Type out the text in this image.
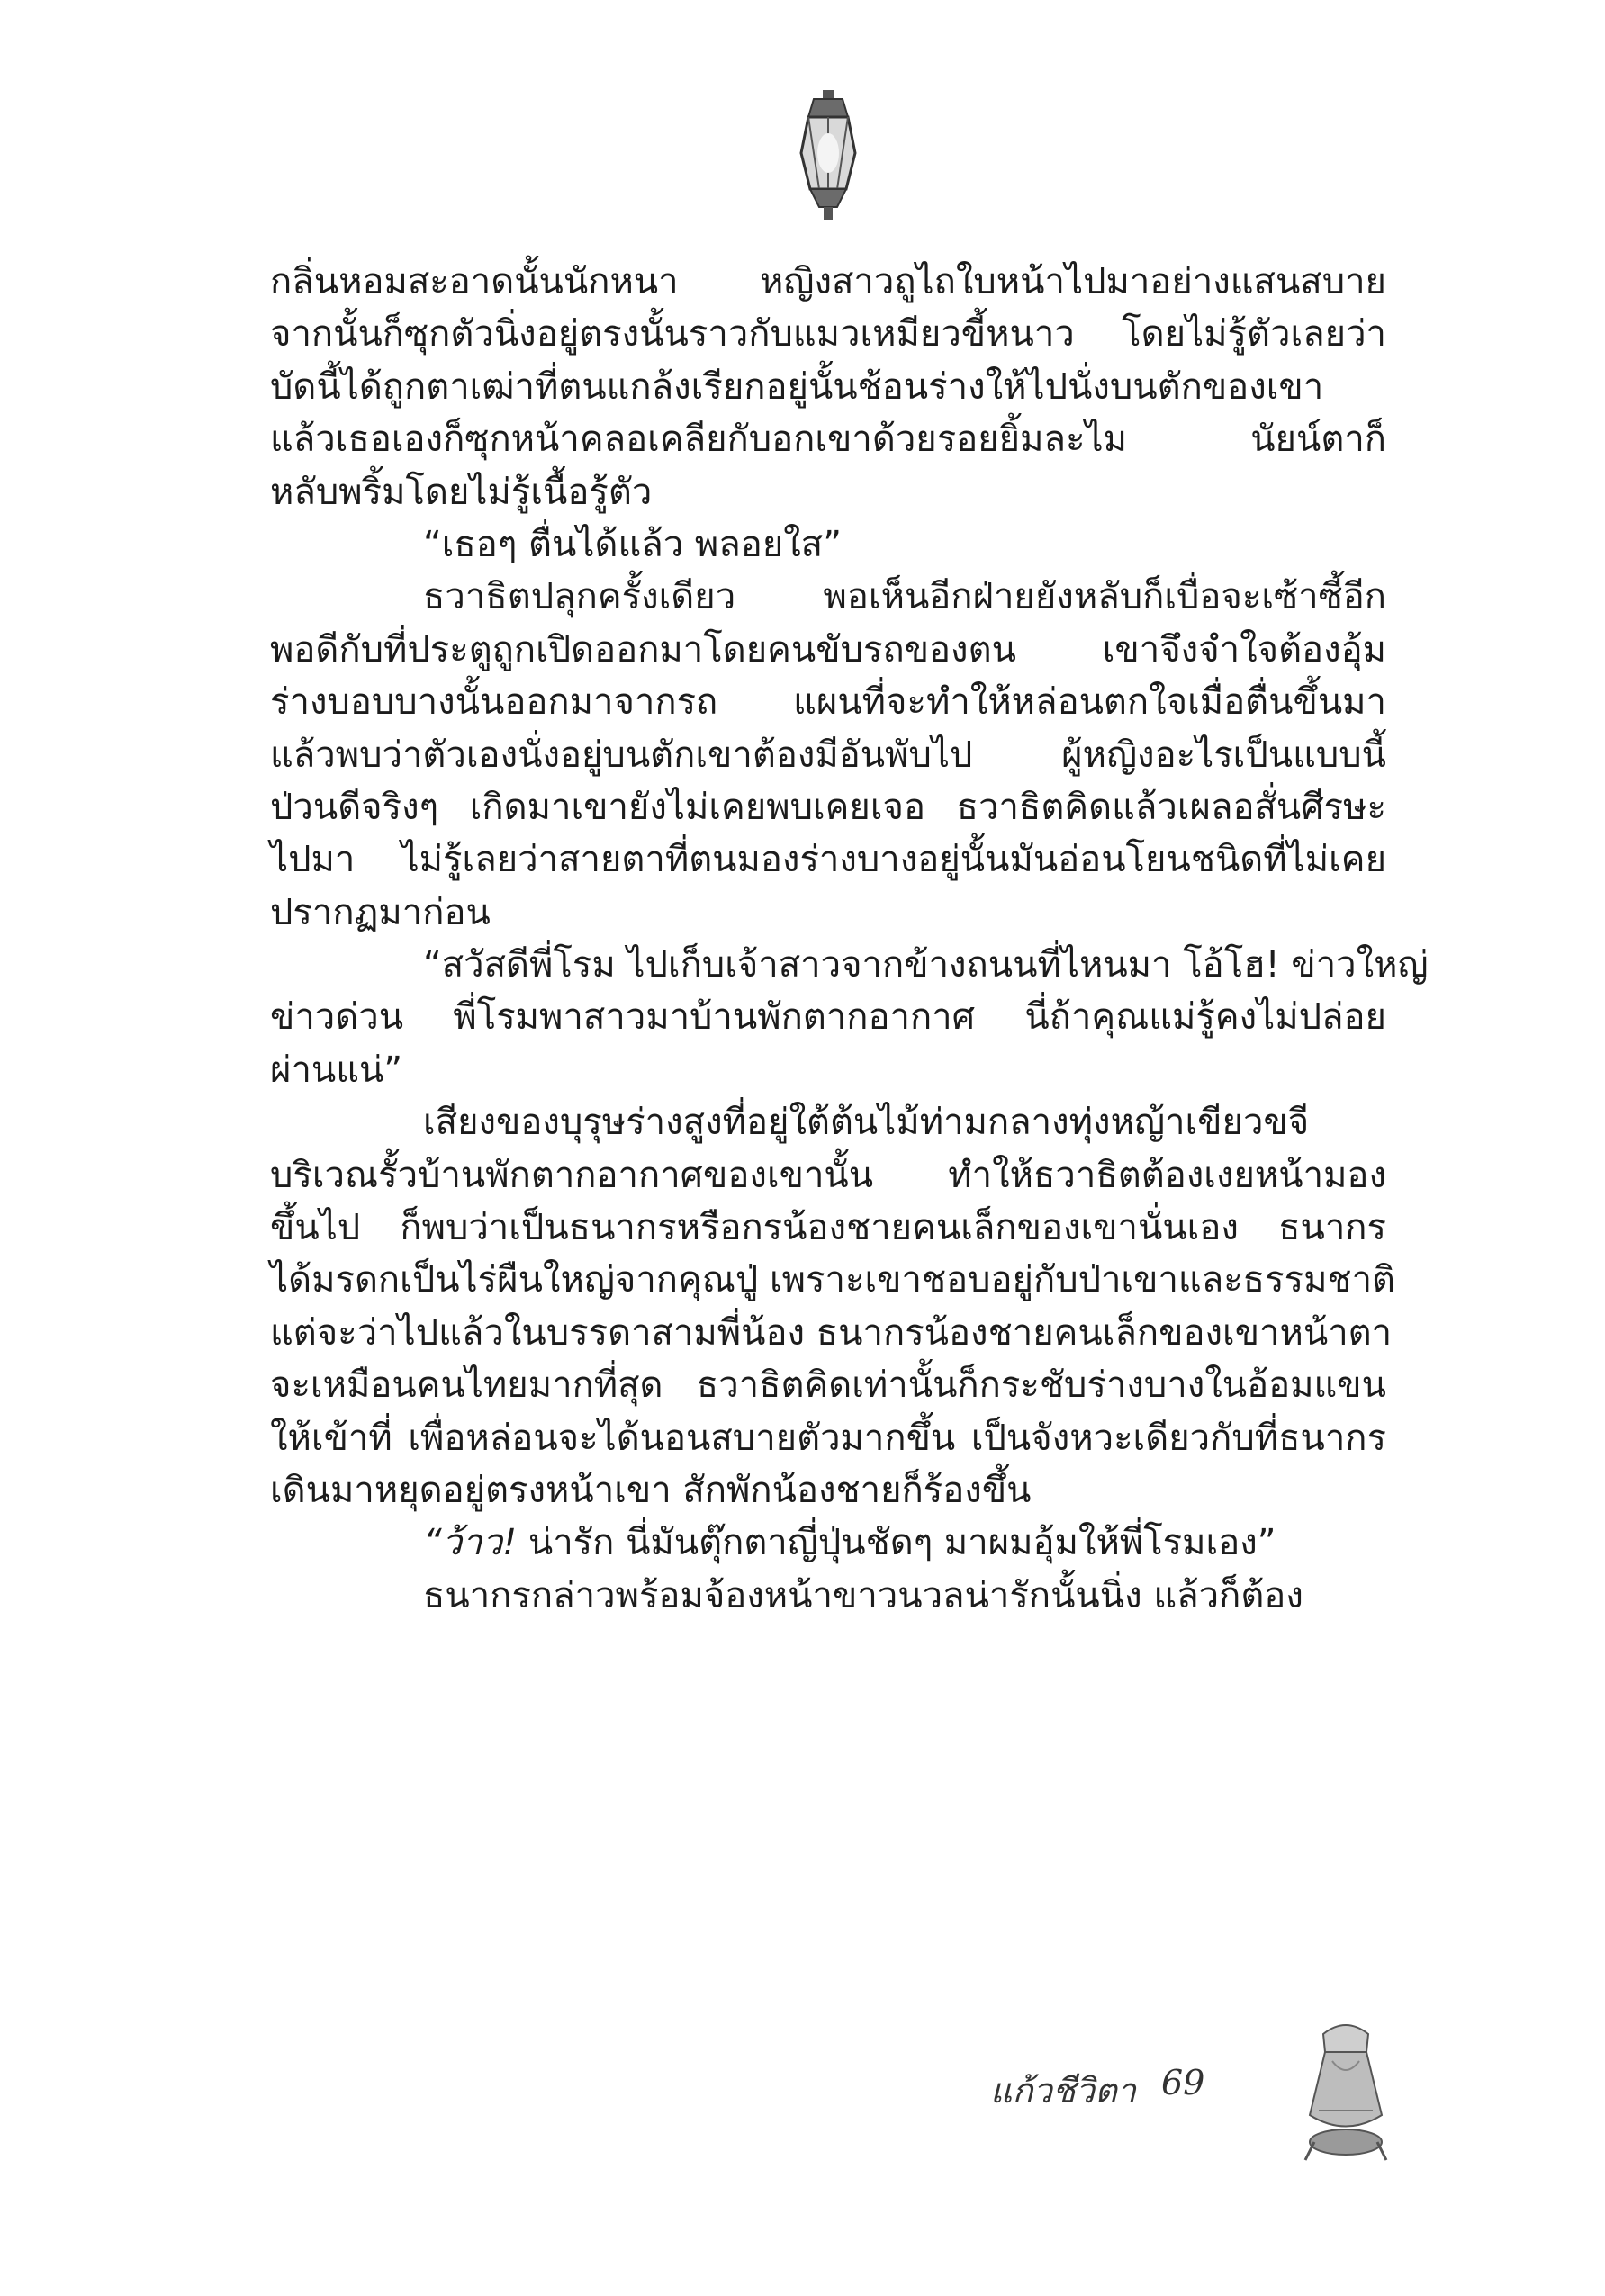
กลิ่นหอมสะอาดนั้นนักหนา หญิงสาวถูไถใบหน้าไปมาอย่างแสนสบาย
จากนั้นก็ซุกตัวนิ่งอยู่ตรงนั้นราวกับแมวเหมียวขี้หนาว โดยไม่รู้ตัวเลยว่า
บัดนี้ได้ถูกตาเฒ่าที่ตนแกล้งเรียกอยู่นั้นช้อนร่างให้ไปนั่งบนตักของเขา
แล้วเธอเองก็ซุกหน้าคลอเคลียกับอกเขาด้วยรอยยิ้มละไม นัยน์ตาก็
หลับพริ้มโดยไม่รู้เนื้อรู้ตัว
“เธอๆ ตื่นได้แล้ว พลอยใส”
ธวาธิตปลุกครั้งเดียว พอเห็นอีกฝ่ายยังหลับก็เบื่อจะเซ้าซี้อีก
พอดีกับที่ประตูถูกเปิดออกมาโดยคนขับรถของตน เขาจึงจำใจต้องอุ้ม
ร่างบอบบางนั้นออกมาจากรถ แผนที่จะทำให้หล่อนตกใจเมื่อตื่นขึ้นมา
แล้วพบว่าตัวเองนั่งอยู่บนตักเขาต้องมีอันพับไป ผู้หญิงอะไรเป็นแบบนี้
ป่วนดีจริงๆ เกิดมาเขายังไม่เคยพบเคยเจอ ธวาธิตคิดแล้วเผลอสั่นศีรษะ
ไปมา ไม่รู้เลยว่าสายตาที่ตนมองร่างบางอยู่นั้นมันอ่อนโยนชนิดที่ไม่เคย
ปรากฏมาก่อน
“สวัสดีพี่โรม ไปเก็บเจ้าสาวจากข้างถนนที่ไหนมา โอ้โฮ! ข่าวใหญ่
ข่าวด่วน พี่โรมพาสาวมาบ้านพักตากอากาศ นี่ถ้าคุณแม่รู้คงไม่ปล่อย
ผ่านแน่”
เสียงของบุรุษร่างสูงที่อยู่ใต้ต้นไม้ท่ามกลางทุ่งหญ้าเขียวขจี
บริเวณรั้วบ้านพักตากอากาศของเขานั้น ทำให้ธวาธิตต้องเงยหน้ามอง
ขึ้นไป ก็พบว่าเป็นธนากรหรือกรน้องชายคนเล็กของเขานั่นเอง ธนากร
ได้มรดกเป็นไร่ผืนใหญ่จากคุณปู่ เพราะเขาชอบอยู่กับป่าเขาและธรรมชาติ
แต่จะว่าไปแล้วในบรรดาสามพี่น้อง ธนากรน้องชายคนเล็กของเขาหน้าตา
จะเหมือนคนไทยมากที่สุด ธวาธิตคิดเท่านั้นก็กระชับร่างบางในอ้อมแขน
ให้เข้าที่ เพื่อหล่อนจะได้นอนสบายตัวมากขึ้น เป็นจังหวะเดียวกับที่ธนากร
เดินมาหยุดอยู่ตรงหน้าเขา สักพักน้องชายก็ร้องขึ้น
“ว้าว! น่ารัก นี่มันตุ๊กตาญี่ปุ่นชัดๆ มาผมอุ้มให้พี่โรมเอง”
ธนากรกล่าวพร้อมจ้องหน้าขาวนวลน่ารักนั้นนิ่ง แล้วก็ต้อง
แก้วชีวิตา 69
